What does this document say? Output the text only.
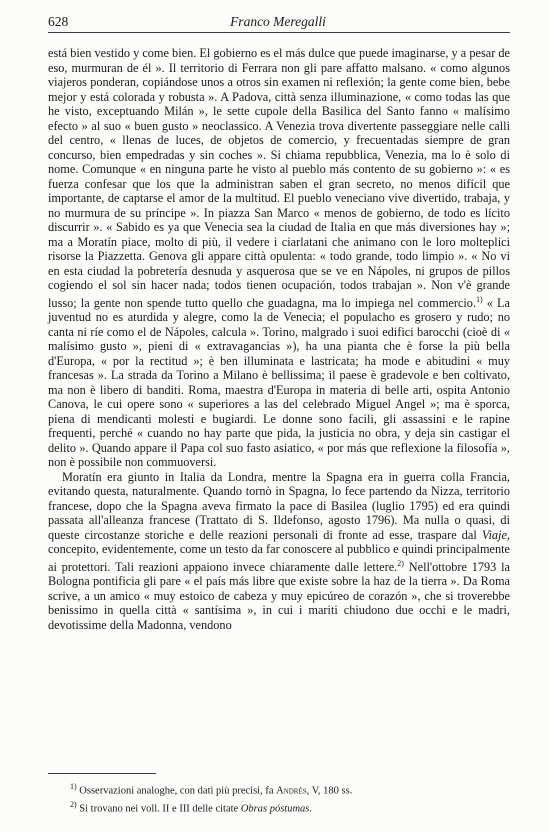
628	Franco Meregalli

está bien vestido y come bien. El gobierno es el más dulce que puede imaginarse, y a pesar de eso, murmuran de él ». Il territorio di Ferrara non gli pare affatto malsano. « como algunos viajeros ponderan, copiándose unos a otros sin examen ni reflexión; la gente come bien, bebe mejor y está colorada y robusta ». A Padova, città senza illuminazione, « como todas las que he visto, exceptuando Milán », le sette cupole della Basilica del Santo fanno « malísimo efecto » al suo « buen gusto » neoclassico. A Venezia trova divertente passeggiare nelle calli del centro, « llenas de luces, de objetos de comercio, y frecuentadas siempre de gran concurso, bien empedradas y sin coches ». Si chiama repubblica, Venezia, ma lo è solo di nome. Comunque « en ninguna parte he visto al pueblo más contento de su gobierno »: « es fuerza confesar que los que la administran saben el gran secreto, no menos difícil que importante, de captarse el amor de la multitud. El pueblo veneciano vive divertido, trabaja, y no murmura de su príncipe ». In piazza San Marco « menos de gobierno, de todo es lícito discurrir ». « Sabido es ya que Venecia sea la ciudad de Italia en que más diversiones hay »; ma a Moratín piace, molto di più, il vedere i ciarlatani che animano con le loro molteplici risorse la Piazzetta. Genova gli appare città opulenta: « todo grande, todo limpio ». « No vi en esta ciudad la pobretería desnuda y asquerosa que se ve en Nápoles, ni grupos de pillos cogiendo el sol sin hacer nada; todos tienen ocupación, todos trabajan ». Non v'è grande lusso; la gente non spende tutto quello che guadagna, ma lo impiega nel commercio.$^{1)}$ « La juventud no es aturdida y alegre, como la de Venecia; el populacho es grosero y rudo; no canta ni ríe como el de Nápoles, calcula ». Torino, malgrado i suoi edifici barocchi (cioè di « malísimo gusto », pieni di « extravagancias »), ha una pianta che è forse la più bella d'Europa, « por la rectitud »; è ben illuminata e lastricata; ha mode e abitudini « muy francesas ». La strada da Torino a Milano è bellissima; il paese è gradevole e ben coltivato, ma non è libero di banditi. Roma, maestra d'Europa in materia di belle arti, ospita Antonio Canova, le cui opere sono « superiores a las del celebrado Miguel Angel »; ma è sporca, piena di mendicanti molesti e bugiardi. Le donne sono facili, gli assassini e le rapine frequenti, perché « cuando no hay parte que pida, la justicia no obra, y deja sin castigar el delito ». Quando appare il Papa col suo fasto asiatico, « por más que reflexione la filosofía », non è possibile non commuoversi.

Moratín era giunto in Italia da Londra, mentre la Spagna era in guerra colla Francia, evitando questa, naturalmente. Quando tornò in Spagna, lo fece partendo da Nizza, territorio francese, dopo che la Spagna aveva firmato la pace di Basilea (luglio 1795) ed era quindi passata all'alleanza francese (Trattato di S. Ildefonso, agosto 1796). Ma nulla o quasi, di queste circostanze storiche e delle reazioni personali di fronte ad esse, traspare dal Viaje, concepito, evidentemente, come un testo da far conoscere al pubblico e quindi principalmente ai protettori. Tali reazioni appaiono invece chiaramente dalle lettere.$^{2)}$ Nell'ottobre 1793 la Bologna pontificia gli pare « el país más libre que existe sobre la haz de la tierra ». Da Roma scrive, a un amico « muy estoico de cabeza y muy epicúreo de corazón », che si troverebbe benissimo in quella città « santísima », in cui i mariti chiudono due occhi e le madri, devotissime della Madonna, vendono

$^{1)}$ Osservazioni analoghe, con dati più precisi, fa Andrés, V, 180 ss.
$^{2)}$ Si trovano nei voll. II e III delle citate Obras póstumas.
